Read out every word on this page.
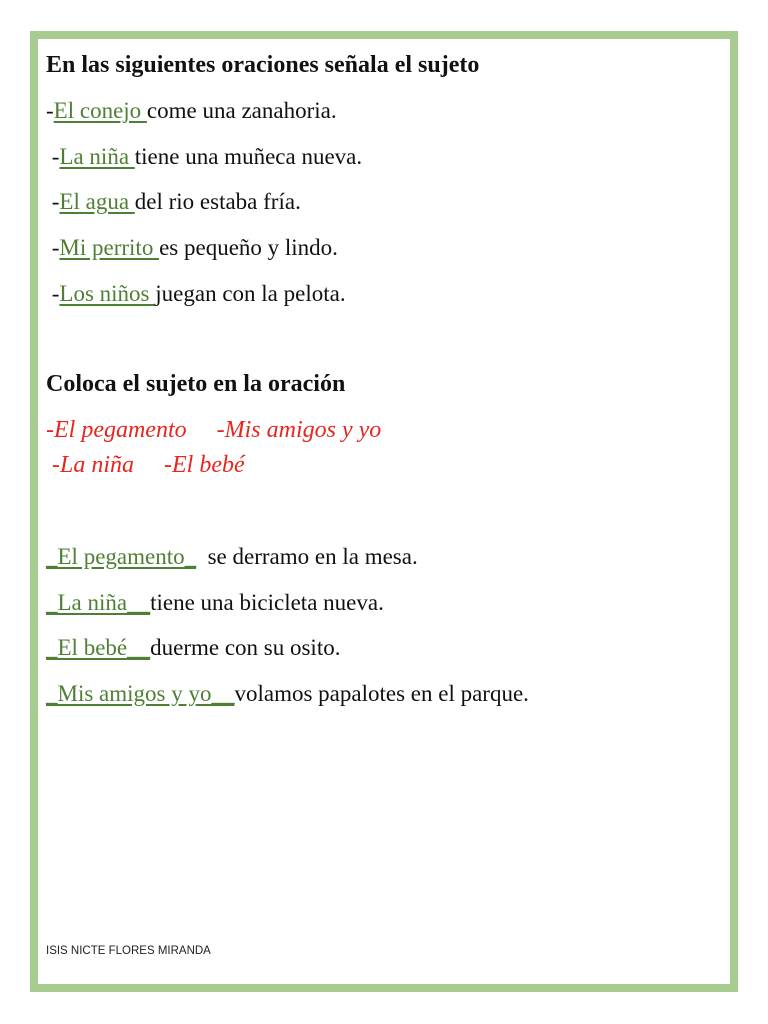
En las siguientes oraciones señala el sujeto
-El conejo come una zanahoria.
-La niña tiene una muñeca nueva.
-El agua del rio estaba fría.
-Mi perrito es pequeño y lindo.
-Los niños juegan con la pelota.
Coloca el sujeto en la oración
-El pegamento     -Mis amigos y yo
-La niña     -El bebé
_El pegamento_  se derramo en la mesa.
_La niña__tiene una bicicleta nueva.
_El bebé__duerme con su osito.
_Mis amigos y yo__volamos papalotes en el parque.
ISIS NICTE FLORES MIRANDA
